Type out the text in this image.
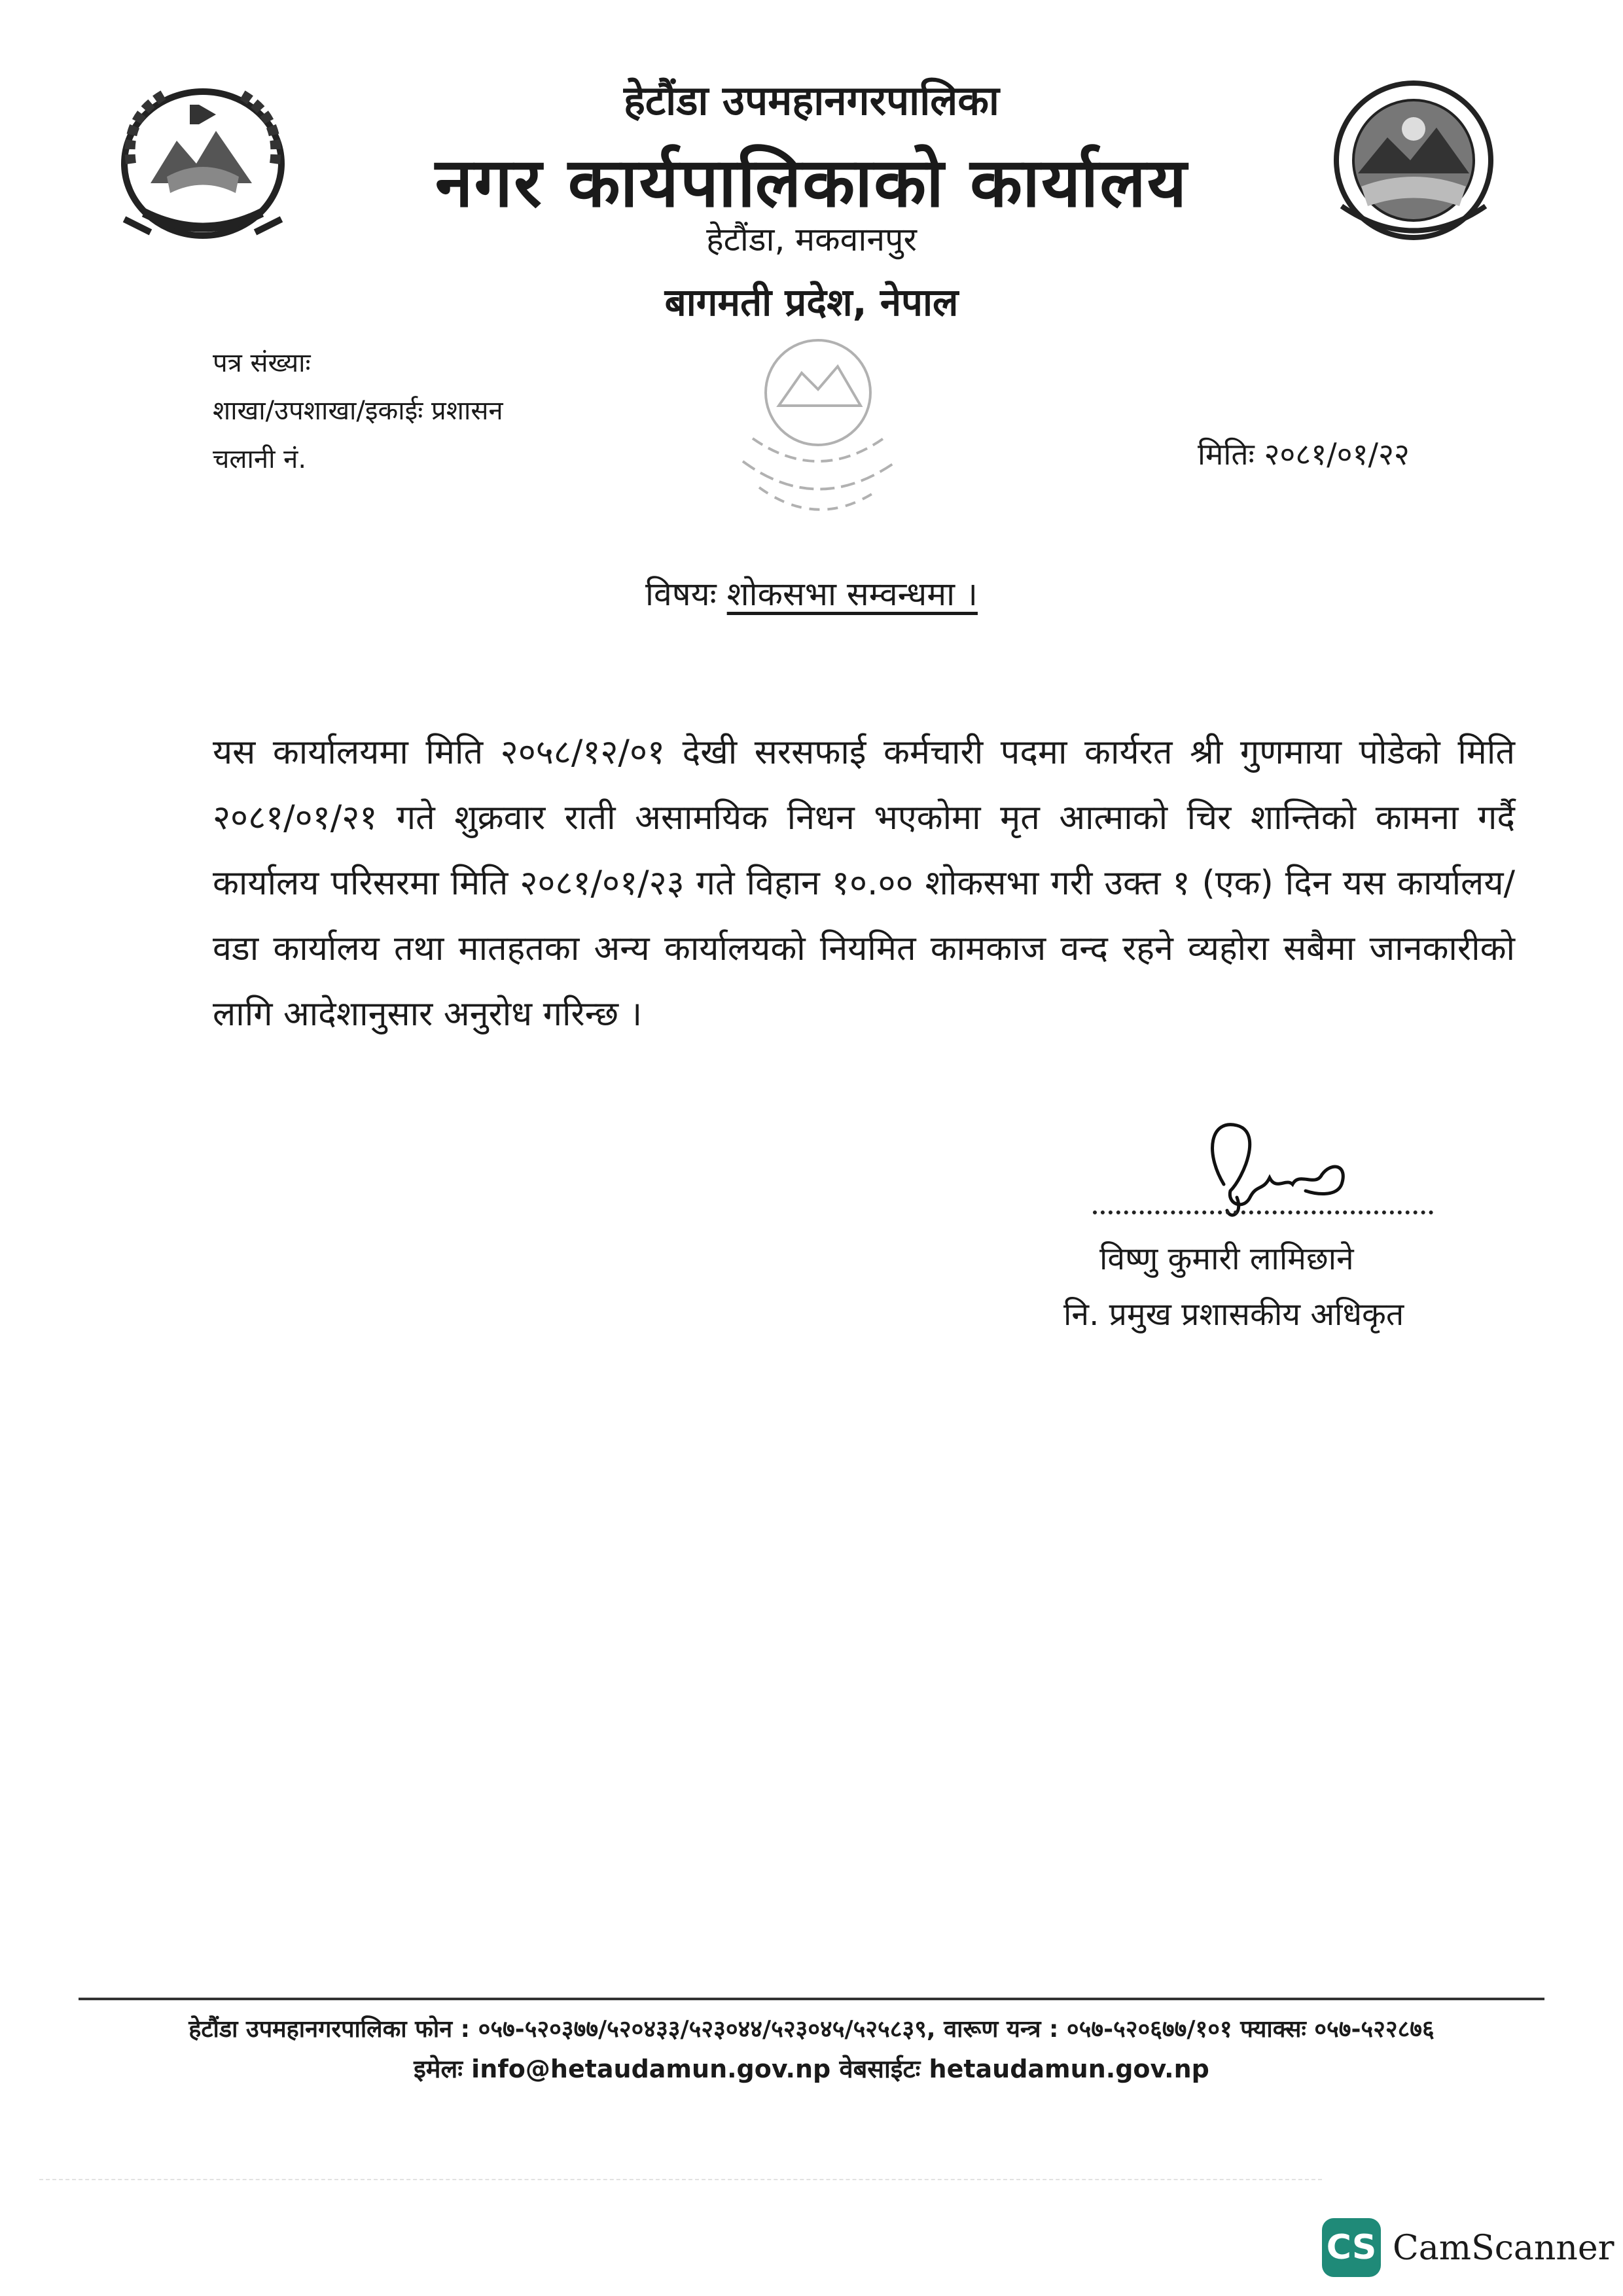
हेटौंडा उपमहानगरपालिका
नगर कार्यपालिकाको कार्यालय
हेटौंडा, मकवानपुर
बागमती प्रदेश, नेपाल
पत्र संख्याः
शाखा/उपशाखा/इकाईः प्रशासन
चलानी नं.	मितिः २०८१/०१/२२
विषयः शोकसभा सम्वन्धमा ।
यस कार्यालयमा मिति २०५८/१२/०१ देखी सरसफाई कर्मचारी पदमा कार्यरत श्री गुणमाया पोडेको मिति २०८१/०१/२१ गते शुक्रवार राती असामयिक निधन भएकोमा मृत आत्माको चिर शान्तिको कामना गर्दै कार्यालय परिसरमा मिति २०८१/०१/२३ गते विहान १०.०० शोकसभा गरी उक्त १ (एक) दिन यस कार्यालय/वडा कार्यालय तथा मातहतका अन्य कार्यालयको नियमित कामकाज वन्द रहने व्यहोरा सबैमा जानकारीको लागि आदेशानुसार अनुरोध गरिन्छ ।
विष्णु कुमारी लामिछाने
नि. प्रमुख प्रशासकीय अधिकृत
हेटौंडा उपमहानगरपालिका फोन : ०५७-५२०३७७/५२०४३३/५२३०४४/५२३०४५/५२५८३९, वारूण यन्त्र : ०५७-५२०६७७/१०१ फ्याक्सः ०५७-५२२८७६
इमेलः info@hetaudamun.gov.np वेबसाईटः hetaudamun.gov.np
CS CamScanner
